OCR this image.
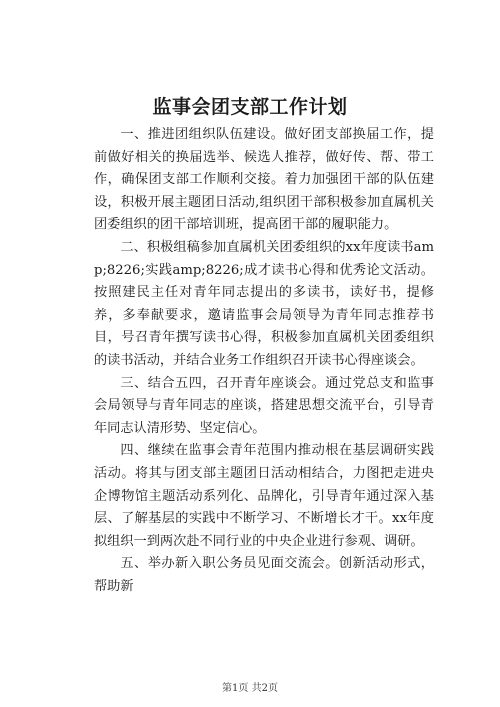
监事会团支部工作计划

一、推进团组织队伍建设。做好团支部换届工作，提前做好相关的换届选举、候选人推荐，做好传、帮、带工作，确保团支部工作顺利交接。着力加强团干部的队伍建设，积极开展主题团日活动,组织团干部积极参加直属机关团委组织的团干部培训班，提高团干部的履职能力。

二、积极组稿参加直属机关团委组织的xx年度读书amp;8226;实践amp;8226;成才读书心得和优秀论文活动。按照建民主任对青年同志提出的多读书，读好书，提修养，多奉献要求，邀请监事会局领导为青年同志推荐书目，号召青年撰写读书心得，积极参加直属机关团委组织的读书活动，并结合业务工作组织召开读书心得座谈会。

三、结合五四，召开青年座谈会。通过党总支和监事会局领导与青年同志的座谈，搭建思想交流平台，引导青年同志认清形势、坚定信心。

四、继续在监事会青年范围内推动根在基层调研实践活动。将其与团支部主题团日活动相结合，力图把走进央企博物馆主题活动系列化、品牌化，引导青年通过深入基层、了解基层的实践中不断学习、不断增长才干。xx年度拟组织一到两次赴不同行业的中央企业进行参观、调研。

五、举办新入职公务员见面交流会。创新活动形式，帮助新

第1页 共2页
